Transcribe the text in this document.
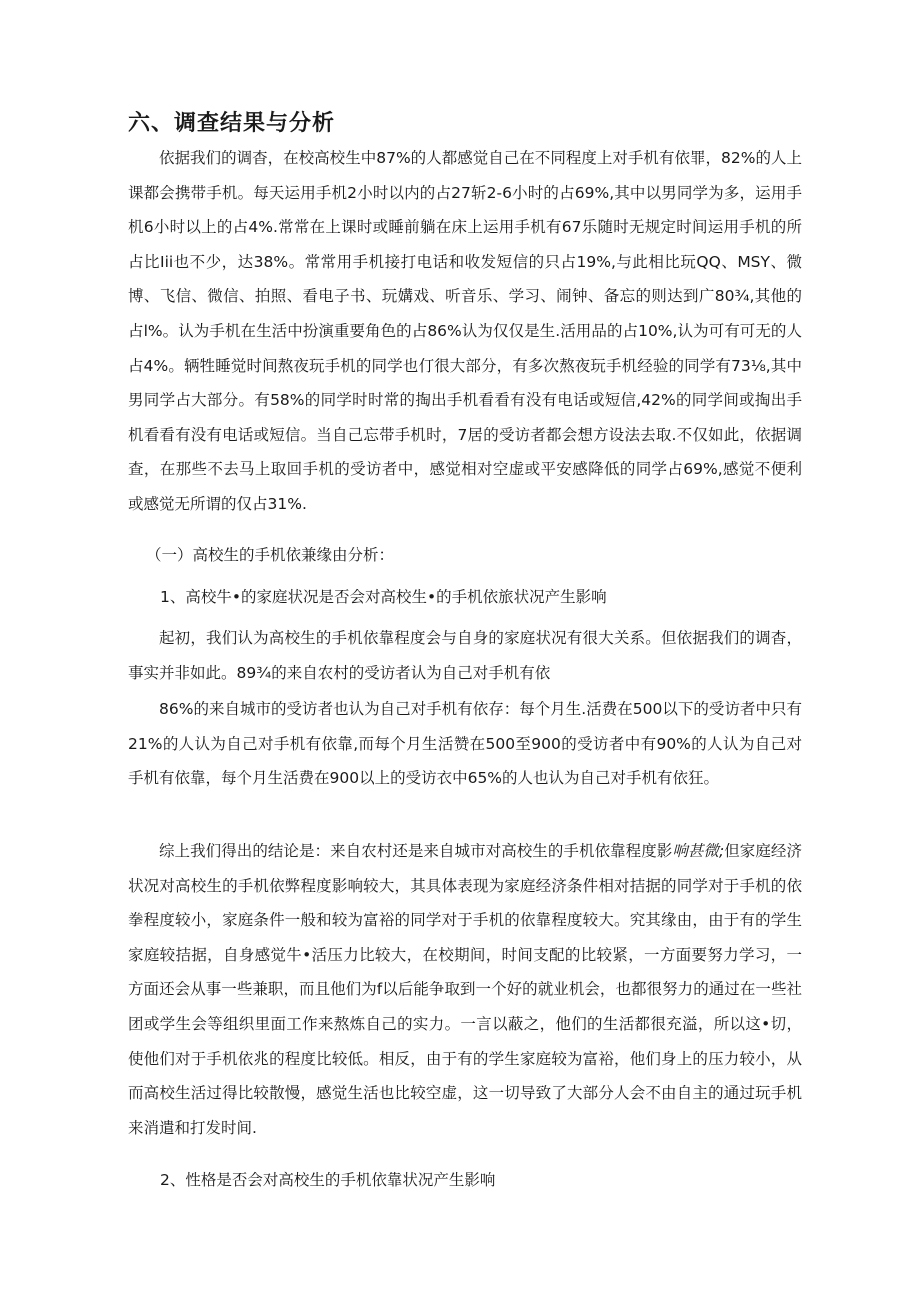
六、调查结果与分析

依据我们的调杳，在校高校生中87%的人都感觉自己在不同程度上对手机有依罪，82%的人上课都会携带手机。每天运用手机2小时以内的占27斩2-6小时的占69%,其中以男同学为多，运用手机6小时以上的占4%.常常在上课时或睡前躺在床上运用手机有67乐随时无规定时间运用手机的所占比Iii也不少，达38%。常常用手机接打电话和收发短信的只占19%,与此相比玩QQ、MSY、微博、飞信、微信、拍照、看电子书、玩媾戏、听音乐、学习、闹钟、备忘的则达到广80¾,其他的占l%。认为手机在生活中扮演重要角色的占86%认为仅仅是生.活用品的占10%,认为可有可无的人占4%。辆牲睡觉时间熬夜玩手机的同学也仃很大部分，有多次熬夜玩手机经验的同学有73⅛,其中男同学占大部分。有58%的同学时时常的掏出手机看看有没有电话或短信,42%的同学间或掏出手机看看有没有电话或短信。当自己忘带手机时，7居的受访者都会想方设法去取.不仅如此，依据调查，在那些不去马上取回手机的受访者中，感觉相对空虚或平安感降低的同学占69%,感觉不便利或感觉无所谓的仅占31%.

（一）高校生的手机依兼缘由分析：

1、高校牛•的家庭状况是否会对高校生•的手机依旅状况产生影响

起初，我们认为高校生的手机依靠程度会与自身的家庭状况有很大关系。但依据我们的调杳，事实并非如此。89¾的来自农村的受访者认为自己对手机有依

86%的来自城市的受访者也认为自己对手机有依存：每个月生.活费在500以下的受访者中只有21%的人认为自己对手机有依靠,而每个月生活赞在500至900的受访者中有90%的人认为自己对手机有依靠，每个月生活费在900以上的受访衣中65%的人也认为自己对手机有依狂。

综上我们得出的结论是：来自农村还是来自城市对高校生的手机依靠程度影响甚微;但家庭经济状况对高校生的手机依弊程度影响较大，其具体表现为家庭经济条件相对拮据的同学对于手机的依拳程度较小，家庭条件一般和较为富裕的同学对于手机的依靠程度较大。究其缘由，由于有的学生家庭较拮据，自身感觉牛•活压力比较大，在校期间，时间支配的比较紧，一方面要努力学习，一方面还会从事一些兼职，而且他们为f以后能争取到一个好的就业机会，也都很努力的通过在一些社团或学生会等组织里面工作来熬炼自己的实力。一言以蔽之，他们的生活都很充溢，所以这•切，使他们对于手机依兆的程度比较低。相反，由于有的学生家庭较为富裕，他们身上的压力较小，从而高校生活过得比较散慢，感觉生活也比较空虚，这一切导致了大部分人会不由自主的通过玩手机来消遣和打发时间.

2、性格是否会对高校生的手机依靠状况产生影响
